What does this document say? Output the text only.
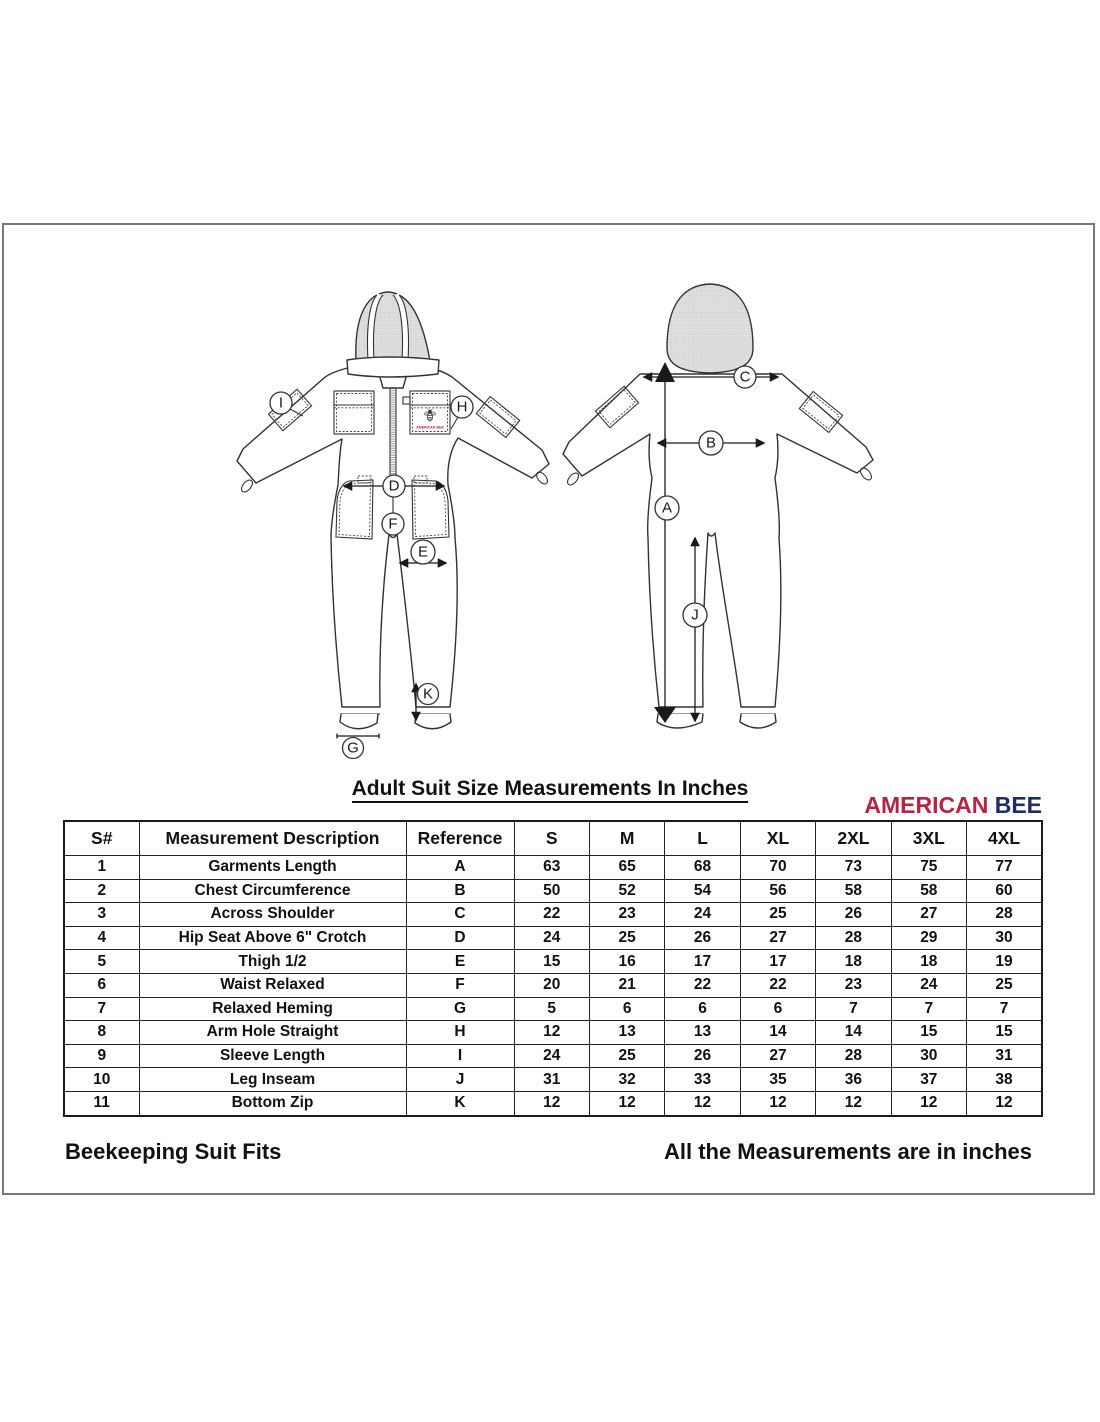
AMERICAN BEE
I	H
D
F
E
K
G
C
B
A
J
Adult Suit Size Measurements In Inches
AMERICAN BEE
S#	Measurement Description	Reference	S	M	L	XL	2XL	3XL	4XL
1	Garments Length	A	63	65	68	70	73	75	77
2	Chest Circumference	B	50	52	54	56	58	58	60
3	Across Shoulder	C	22	23	24	25	26	27	28
4	Hip Seat Above 6" Crotch	D	24	25	26	27	28	29	30
5	Thigh 1/2	E	15	16	17	17	18	18	19
6	Waist Relaxed	F	20	21	22	22	23	24	25
7	Relaxed Heming	G	5	6	6	6	7	7	7
8	Arm Hole Straight	H	12	13	13	14	14	15	15
9	Sleeve Length	I	24	25	26	27	28	30	31
10	Leg Inseam	J	31	32	33	35	36	37	38
11	Bottom Zip	K	12	12	12	12	12	12	12
Beekeeping Suit Fits	All the Measurements are in inches
